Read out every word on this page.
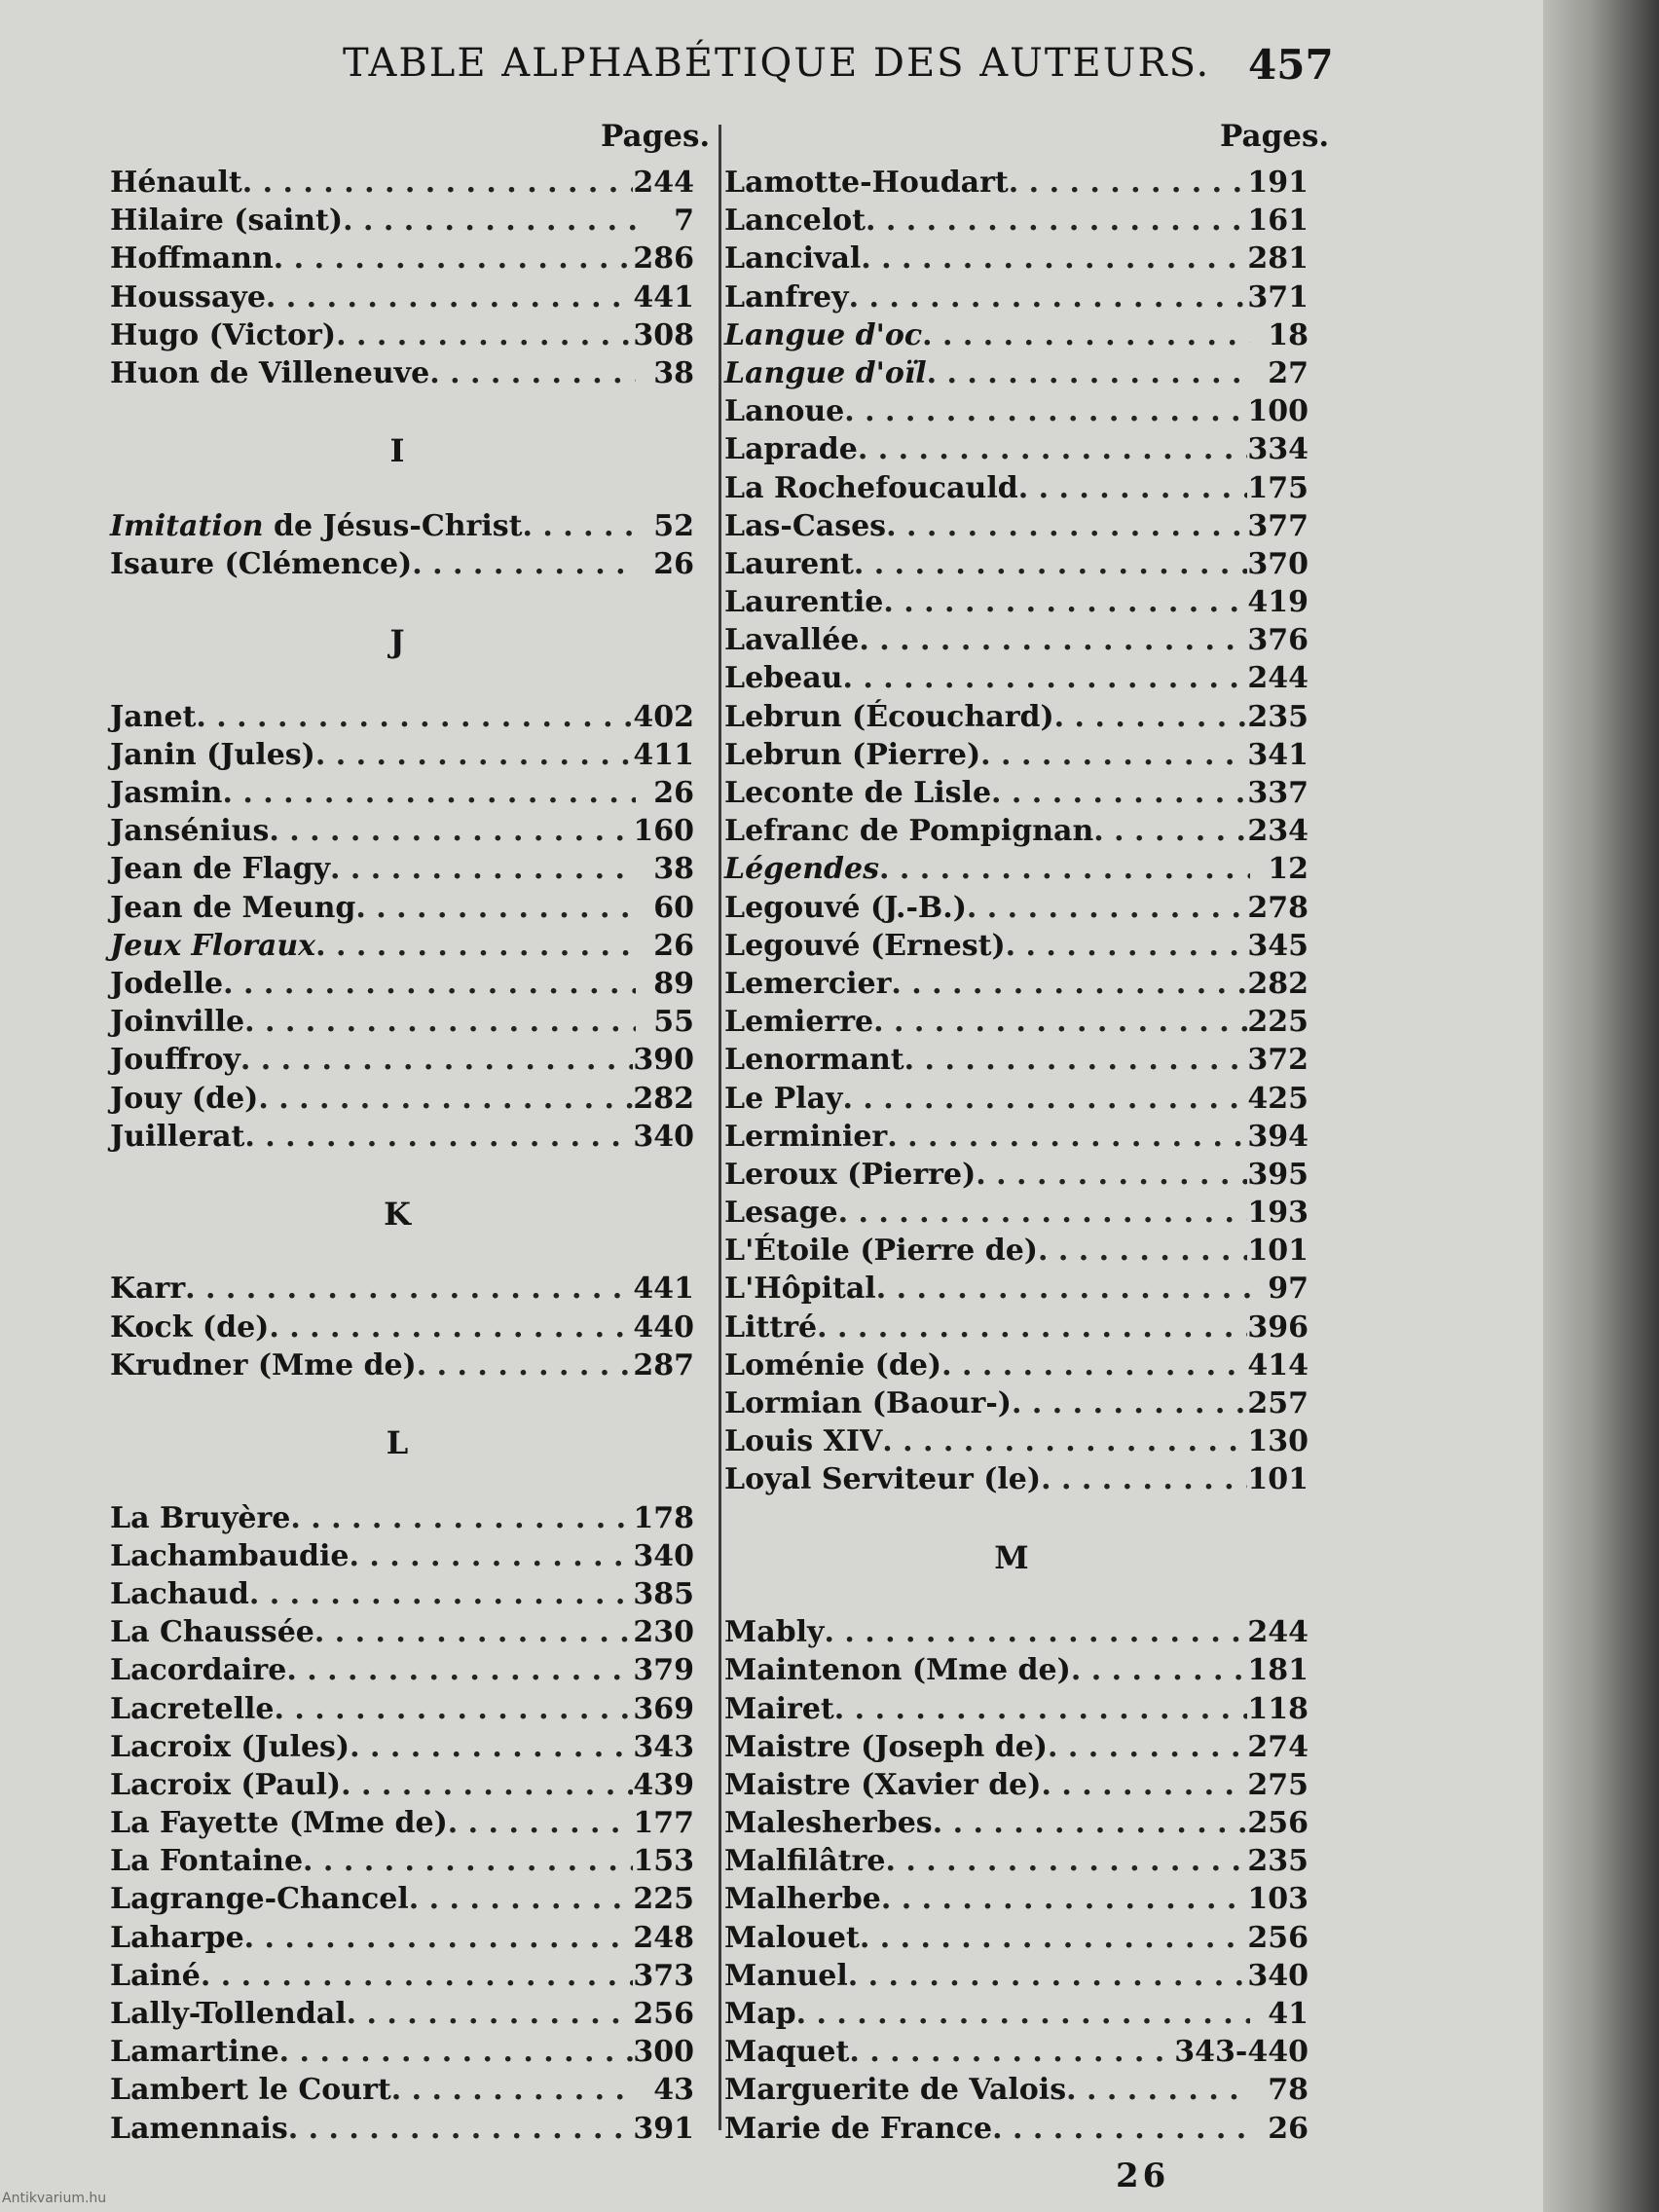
TABLE ALPHABÉTIQUE DES AUTEURS. 457
Pages.	Pages.
Hénault . . .	244
Hilaire (saint) . . .	7
Hoffmann . . .	286
Houssaye . . .	441
Hugo (Victor) . . .	308
Huon de Villeneuve . . .	38
I
Imitation de Jésus-Christ . . .	52
Isaure (Clémence) . . .	26
J
Janet . . .	402
Janin (Jules) . . .	411
Jasmin . . .	26
Jansénius . . .	160
Jean de Flagy . . .	38
Jean de Meung . . .	60
Jeux Floraux . . .	26
Jodelle . . .	89
Joinville . . .	55
Jouffroy . . .	390
Jouy (de) . . .	282
Juillerat . . .	340
K
Karr . . .	441
Kock (de) . . .	440
Krudner (Mme de) . . .	287
L
La Bruyère . . .	178
Lachambaudie . . .	340
Lachaud . . .	385
La Chaussée . . .	230
Lacordaire . . .	379
Lacretelle . . .	369
Lacroix (Jules) . . .	343
Lacroix (Paul) . . .	439
La Fayette (Mme de) . . .	177
La Fontaine . . .	153
Lagrange-Chancel . . .	225
Laharpe . . .	248
Lainé . . .	373
Lally-Tollendal . . .	256
Lamartine . . .	300
Lambert le Court . . .	43
Lamennais . . .	391
Lamotte-Houdart . . .	191
Lancelot . . .	161
Lancival . . .	281
Lanfrey . . .	371
Langue d'oc . . .	18
Langue d'oïl . . .	27
Lanoue . . .	100
Laprade . . .	334
La Rochefoucauld . . .	175
Las-Cases . . .	377
Laurent . . .	370
Laurentie . . .	419
Lavallée . . .	376
Lebeau . . .	244
Lebrun (Écouchard) . . .	235
Lebrun (Pierre) . . .	341
Leconte de Lisle . . .	337
Lefranc de Pompignan . . .	234
Légendes . . .	12
Legouvé (J.-B.) . . .	278
Legouvé (Ernest) . . .	345
Lemercier . . .	282
Lemierre . . .	225
Lenormant . . .	372
Le Play . . .	425
Lerminier . . .	394
Leroux (Pierre) . . .	395
Lesage . . .	193
L'Étoile (Pierre de) . . .	101
L'Hôpital . . .	97
Littré . . .	396
Loménie (de) . . .	414
Lormian (Baour-) . . .	257
Louis XIV . . .	130
Loyal Serviteur (le) . . .	101
M
Mably . . .	244
Maintenon (Mme de) . . .	181
Mairet . . .	118
Maistre (Joseph de) . . .	274
Maistre (Xavier de) . . .	275
Malesherbes . . .	256
Malfilâtre . . .	235
Malherbe . . .	103
Malouet . . .	256
Manuel . . .	340
Map . . .	41
Maquet . . .	343-440
Marguerite de Valois . . .	78
Marie de France . . .	26
26
Antikvarium.hu
